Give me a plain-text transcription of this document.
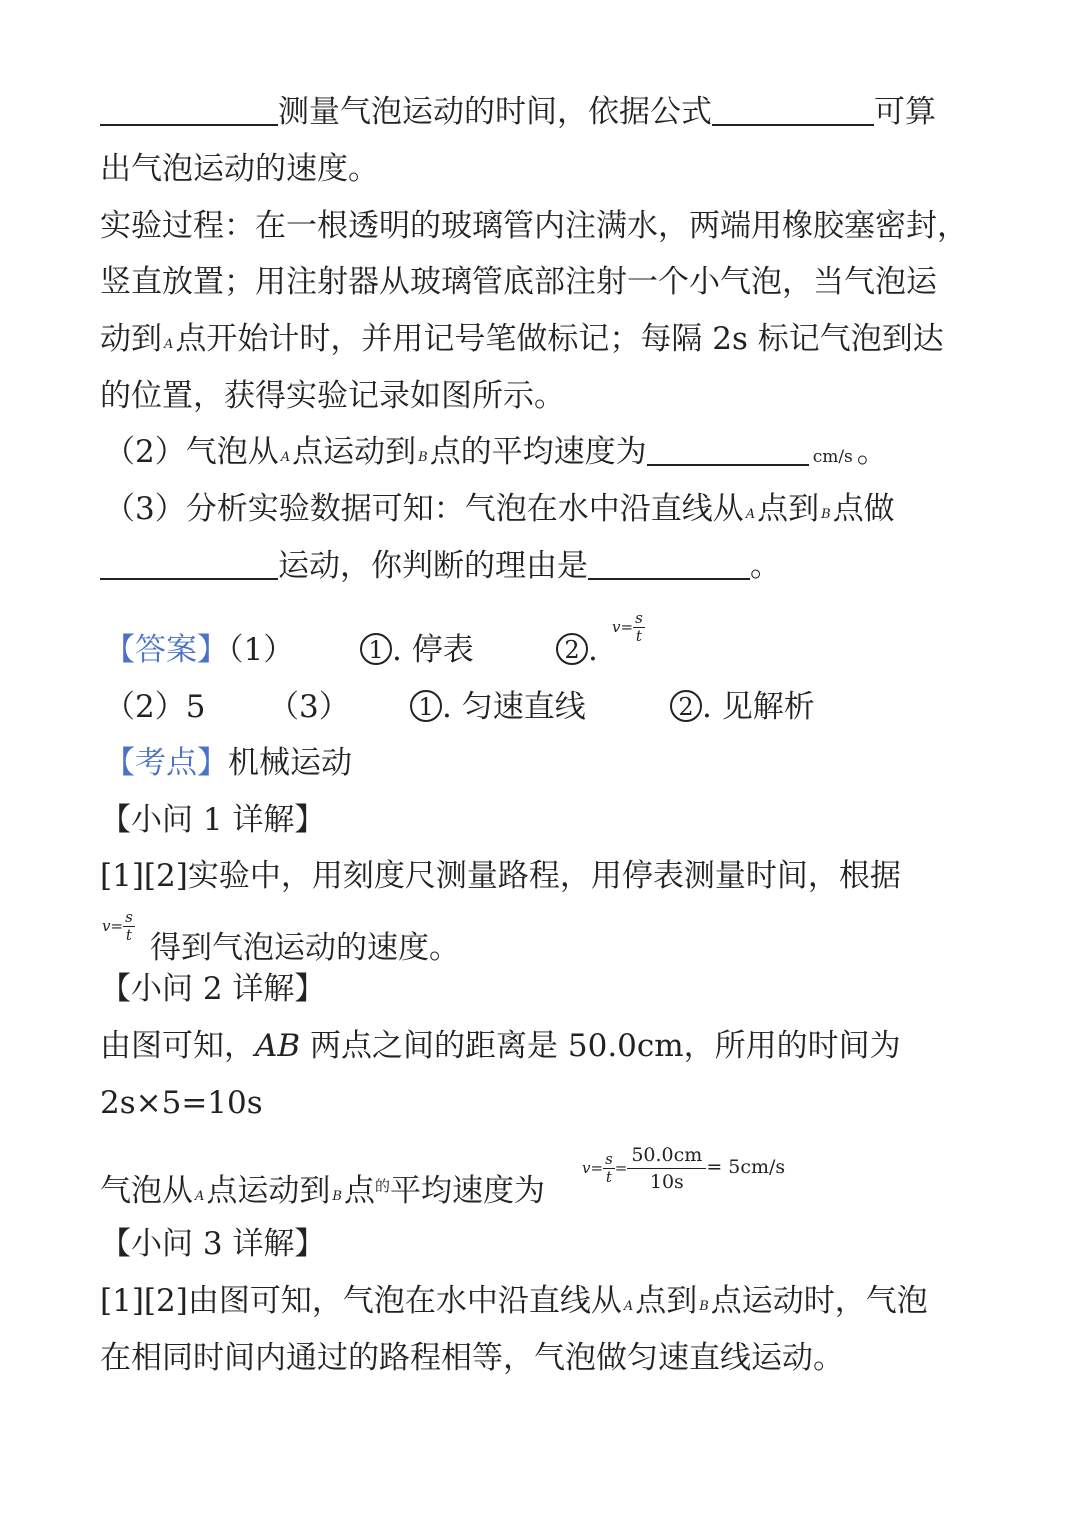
测量气泡运动的时间，依据公式	可算
出气泡运动的速度。
实验过程：在一根透明的玻璃管内注满水，两端用橡胶塞密封，
竖直放置；用注射器从玻璃管底部注射一个小气泡，当气泡运
动到 A点开始计时，并用记号笔做标记；每隔 2s 标记气泡到达
的位置，获得实验记录如图所示。
（2）气泡从 A点运动到 B点的平均速度为	cm/s 。
（3）分析实验数据可知：气泡在水中沿直线从 A点到 B点做
运动，你判断的理由是	。
【答案】（1）	1 . 停表	2 .
$v= \frac{s}{t}$
（2）5 （3）	1 . 匀速直线	2 . 见解析
【考点】机械运动
【小问 1 详解】
[1][2]实验中，用刻度尺测量路程，用停表测量时间，根据
$v= \frac{s}{t}$
得到气泡运动的速度。
【小问 2 详解】
由图可知，AB 两点之间的距离是 50.0cm，所用的时间为
2s×5=10s
气泡从 A点运动到 B点$^的$平均速度为
$v= \frac{s}{t} = \frac{50.0cm}{10s} = 5cm/s$
【小问 3 详解】
[1][2]由图可知，气泡在水中沿直线从 A点到 B点运动时，气泡
在相同时间内通过的路程相等，气泡做匀速直线运动。
